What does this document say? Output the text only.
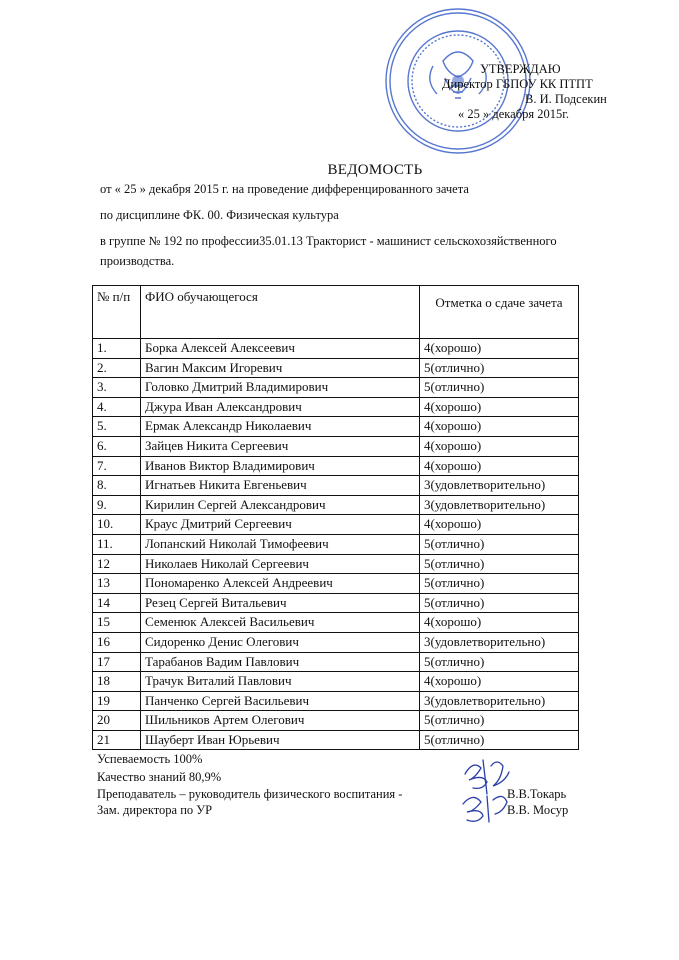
УТВЕРЖДАЮ
Директор ГБПОУ КК ПТПТ
В. И. Подсекин
« 25 » декабря 2015г.
ВЕДОМОСТЬ
от « 25 » декабря 2015 г. на проведение дифференцированного зачета
по дисциплине ФК. 00. Физическая культура
в группе № 192 по профессии35.01.13 Тракторист - машинист сельскохозяйственного
производства.
№ п/п	ФИО обучающегося	Отметка о сдаче зачета
1.	Борка Алексей Алексеевич	4(хорошо)
2.	Вагин Максим Игоревич	5(отлично)
3.	Головко Дмитрий Владимирович	5(отлично)
4.	Джура Иван Александрович	4(хорошо)
5.	Ермак Александр Николаевич	4(хорошо)
6.	Зайцев Никита Сергеевич	4(хорошо)
7.	Иванов Виктор Владимирович	4(хорошо)
8.	Игнатьев Никита Евгеньевич	3(удовлетворительно)
9.	Кирилин Сергей Александрович	3(удовлетворительно)
10.	Краус Дмитрий Сергеевич	4(хорошо)
11.	Лопанский Николай Тимофеевич	5(отлично)
12	Николаев Николай Сергеевич	5(отлично)
13	Пономаренко Алексей Андреевич	5(отлично)
14	Резец Сергей Витальевич	5(отлично)
15	Семенюк Алексей Васильевич	4(хорошо)
16	Сидоренко Денис Олегович	3(удовлетворительно)
17	Тарабанов Вадим Павлович	5(отлично)
18	Трачук Виталий Павлович	4(хорошо)
19	Панченко Сергей Васильевич	3(удовлетворительно)
20	Шильников Артем Олегович	5(отлично)
21	Шауберт Иван Юрьевич	5(отлично)
Успеваемость 100%
Качество знаний 80,9%
Преподаватель – руководитель физического воспитания -	В.В.Токарь
Зам. директора по УР	В.В. Мосур
